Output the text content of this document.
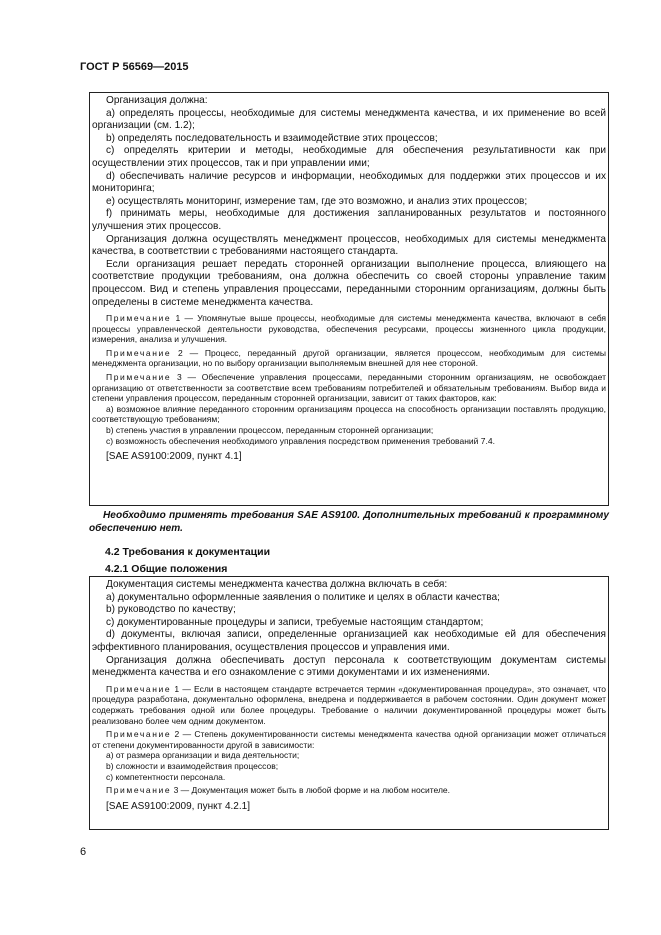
ГОСТ Р 56569—2015

Организация должна:

a) определять процессы, необходимые для системы менеджмента качества, и их применение во всей организации (см. 1.2);

b) определять последовательность и взаимодействие этих процессов;

c) определять критерии и методы, необходимые для обеспечения результативности как при осуществлении этих процессов, так и при управлении ими;

d) обеспечивать наличие ресурсов и информации, необходимых для поддержки этих процессов и их мониторинга;

e) осуществлять мониторинг, измерение там, где это возможно, и анализ этих процессов;

f) принимать меры, необходимые для достижения запланированных результатов и постоянного улучшения этих процессов.

Организация должна осуществлять менеджмент процессов, необходимых для системы менеджмента качества, в соответствии с требованиями настоящего стандарта.

Если организация решает передать сторонней организации выполнение процесса, влияющего на соответствие продукции требованиям, она должна обеспечить со своей стороны управление таким процессом. Вид и степень управления процессами, переданными сторонним организациям, должны быть определены в системе менеджмента качества.

Примечание 1 — Упомянутые выше процессы, необходимые для системы менеджмента качества, включают в себя процессы управленческой деятельности руководства, обеспечения ресурсами, процессы жизненного цикла продукции, измерения, анализа и улучшения.

Примечание 2 — Процесс, переданный другой организации, является процессом, необходимым для системы менеджмента организации, но по выбору организации выполняемым внешней для нее стороной.

Примечание 3 — Обеспечение управления процессами, переданными сторонним организациям, не освобождает организацию от ответственности за соответствие всем требованиям потребителей и обязательным требованиям. Выбор вида и степени управления процессом, переданным сторонней организации, зависит от таких факторов, как:

a) возможное влияние переданного сторонним организациям процесса на способность организации поставлять продукцию, соответствующую требованиям;

b) степень участия в управлении процессом, переданным сторонней организации;

c) возможность обеспечения необходимого управления посредством применения требований 7.4.

[SAE AS9100:2009, пункт 4.1]

Необходимо применять требования SAE AS9100. Дополнительных требований к программному обеспечению нет.
4.2 Требования к документации
4.2.1 Общие положения

Документация системы менеджмента качества должна включать в себя:

a) документально оформленные заявления о политике и целях в области качества;

b) руководство по качеству;

c) документированные процедуры и записи, требуемые настоящим стандартом;

d) документы, включая записи, определенные организацией как необходимые ей для обеспечения эффективного планирования, осуществления процессов и управления ими.

Организация должна обеспечивать доступ персонала к соответствующим документам системы менеджмента качества и его ознакомление с этими документами и их изменениями.

Примечание 1 — Если в настоящем стандарте встречается термин «документированная процедура», это означает, что процедура разработана, документально оформлена, внедрена и поддерживается в рабочем состоянии. Один документ может содержать требования одной или более процедуры. Требование о наличии документированной процедуры может быть реализовано более чем одним документом.

Примечание 2 — Степень документированности системы менеджмента качества одной организации может отличаться от степени документированности другой в зависимости:

a) от размера организации и вида деятельности;

b) сложности и взаимодействия процессов;

c) компетентности персонала.

Примечание 3 — Документация может быть в любой форме и на любом носителе.

[SAE AS9100:2009, пункт 4.2.1]

6
